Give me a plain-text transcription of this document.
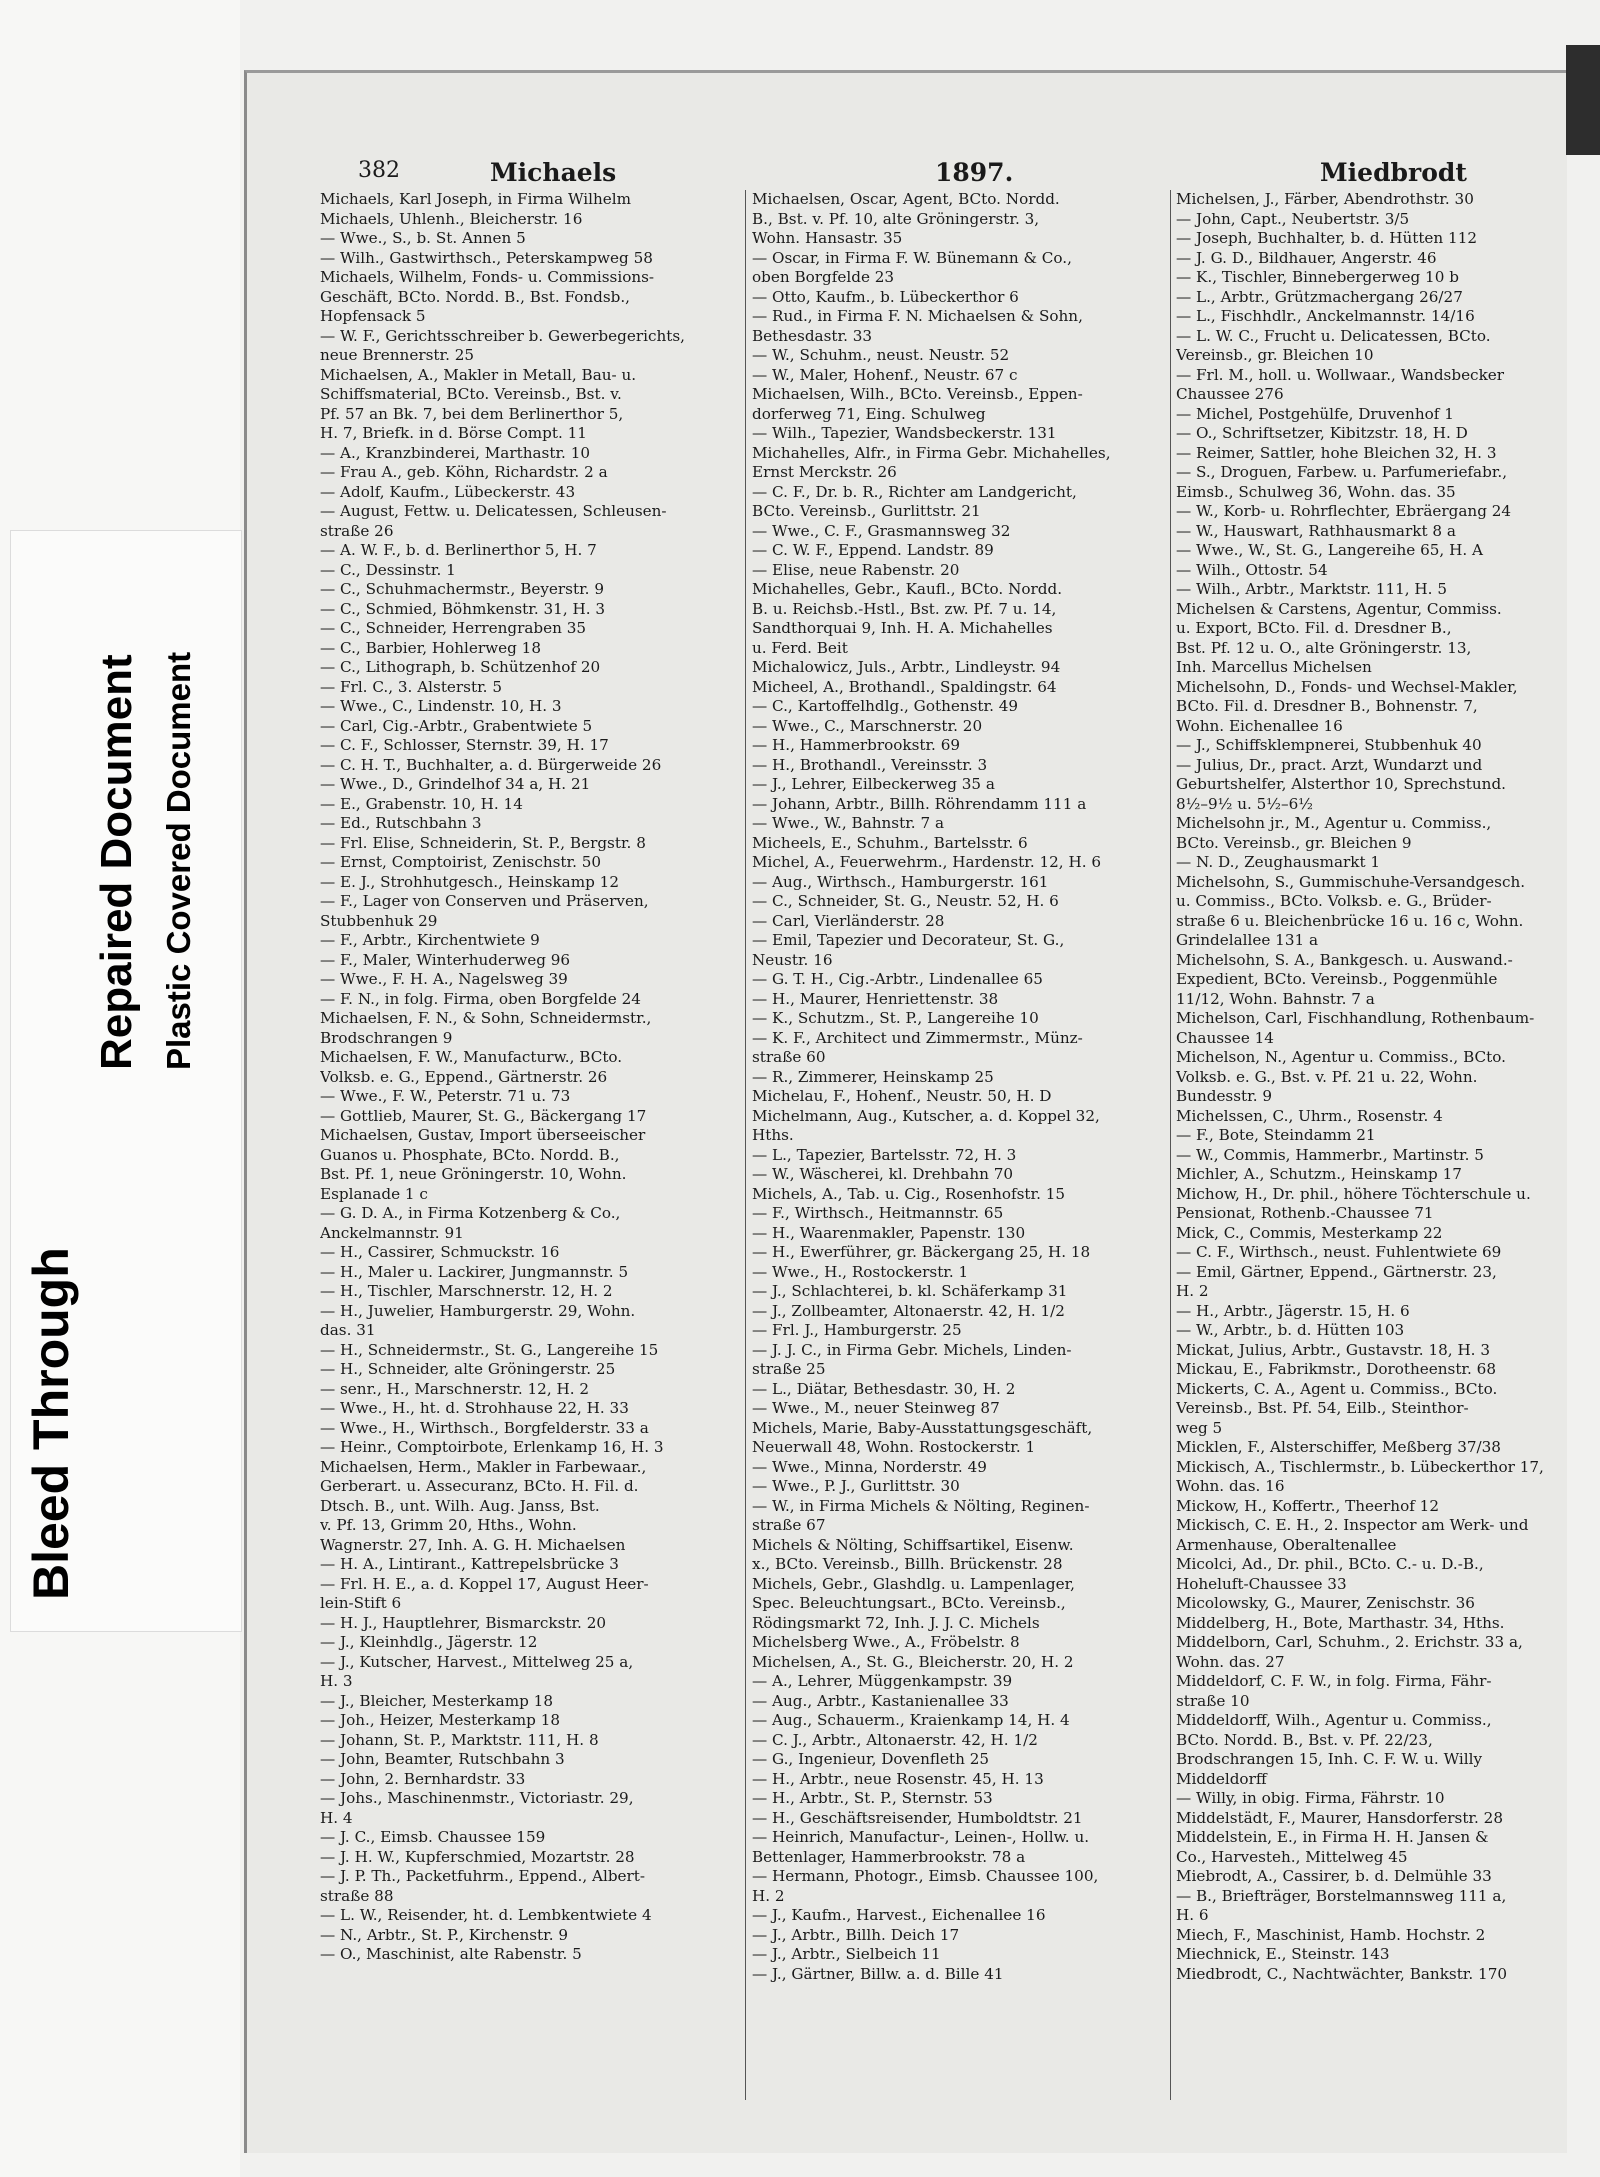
Bleed Through
Repaired Document Plastic Covered Document
382	Michaels	1897.	Miedbrodt
Michaels, Karl Joseph, in Firma Wilhelm
Michaels, Uhlenh., Bleicherstr. 16
— Wwe., S., b. St. Annen 5
— Wilh., Gastwirthsch., Peterskampweg 58
Michaels, Wilhelm, Fonds- u. Commissions-
Geschäft, BCto. Nordd. B., Bst. Fondsb.,
Hopfensack 5
— W. F., Gerichtsschreiber b. Gewerbegerichts,
neue Brennerstr. 25
Michaelsen, A., Makler in Metall, Bau- u.
Schiffsmaterial, BCto. Vereinsb., Bst. v.
Pf. 57 an Bk. 7, bei dem Berlinerthor 5,
H. 7, Briefk. in d. Börse Compt. 11
— A., Kranzbinderei, Marthastr. 10
— Frau A., geb. Köhn, Richardstr. 2 a
— Adolf, Kaufm., Lübeckerstr. 43
— August, Fettw. u. Delicatessen, Schleusen-
straße 26
— A. W. F., b. d. Berlinerthor 5, H. 7
— C., Dessinstr. 1
— C., Schuhmachermstr., Beyerstr. 9
— C., Schmied, Böhmkenstr. 31, H. 3
— C., Schneider, Herrengraben 35
— C., Barbier, Hohlerweg 18
— C., Lithograph, b. Schützenhof 20
— Frl. C., 3. Alsterstr. 5
— Wwe., C., Lindenstr. 10, H. 3
— Carl, Cig.-Arbtr., Grabentwiete 5
— C. F., Schlosser, Sternstr. 39, H. 17
— C. H. T., Buchhalter, a. d. Bürgerweide 26
— Wwe., D., Grindelhof 34 a, H. 21
— E., Grabenstr. 10, H. 14
— Ed., Rutschbahn 3
— Frl. Elise, Schneiderin, St. P., Bergstr. 8
— Ernst, Comptoirist, Zenischstr. 50
— E. J., Strohhutgesch., Heinskamp 12
— F., Lager von Conserven und Präserven,
Stubbenhuk 29
— F., Arbtr., Kirchentwiete 9
— F., Maler, Winterhuderweg 96
— Wwe., F. H. A., Nagelsweg 39
— F. N., in folg. Firma, oben Borgfelde 24
Michaelsen, F. N., & Sohn, Schneidermstr.,
Brodschrangen 9
Michaelsen, F. W., Manufacturw., BCto.
Volksb. e. G., Eppend., Gärtnerstr. 26
— Wwe., F. W., Peterstr. 71 u. 73
— Gottlieb, Maurer, St. G., Bäckergang 17
Michaelsen, Gustav, Import überseeischer
Guanos u. Phosphate, BCto. Nordd. B.,
Bst. Pf. 1, neue Gröningerstr. 10, Wohn.
Esplanade 1 c
— G. D. A., in Firma Kotzenberg & Co.,
Anckelmannstr. 91
— H., Cassirer, Schmuckstr. 16
— H., Maler u. Lackirer, Jungmannstr. 5
— H., Tischler, Marschnerstr. 12, H. 2
— H., Juwelier, Hamburgerstr. 29, Wohn.
das. 31
— H., Schneidermstr., St. G., Langereihe 15
— H., Schneider, alte Gröningerstr. 25
— senr., H., Marschnerstr. 12, H. 2
— Wwe., H., ht. d. Strohhause 22, H. 33
— Wwe., H., Wirthsch., Borgfelderstr. 33 a
— Heinr., Comptoirbote, Erlenkamp 16, H. 3
Michaelsen, Herm., Makler in Farbewaar.,
Gerberart. u. Assecuranz, BCto. H. Fil. d.
Dtsch. B., unt. Wilh. Aug. Janss, Bst.
v. Pf. 13, Grimm 20, Hths., Wohn.
Wagnerstr. 27, Inh. A. G. H. Michaelsen
— H. A., Lintirant., Kattrepelsbrücke 3
— Frl. H. E., a. d. Koppel 17, August Heer-
lein-Stift 6
— H. J., Hauptlehrer, Bismarckstr. 20
— J., Kleinhdlg., Jägerstr. 12
— J., Kutscher, Harvest., Mittelweg 25 a,
H. 3
— J., Bleicher, Mesterkamp 18
— Joh., Heizer, Mesterkamp 18
— Johann, St. P., Marktstr. 111, H. 8
— John, Beamter, Rutschbahn 3
— John, 2. Bernhardstr. 33
— Johs., Maschinenmstr., Victoriastr. 29,
H. 4
— J. C., Eimsb. Chaussee 159
— J. H. W., Kupferschmied, Mozartstr. 28
— J. P. Th., Packetfuhrm., Eppend., Albert-
straße 88
— L. W., Reisender, ht. d. Lembkentwiete 4
— N., Arbtr., St. P., Kirchenstr. 9
— O., Maschinist, alte Rabenstr. 5
Michaelsen, Oscar, Agent, BCto. Nordd.
B., Bst. v. Pf. 10, alte Gröningerstr. 3,
Wohn. Hansastr. 35
— Oscar, in Firma F. W. Bünemann & Co.,
oben Borgfelde 23
— Otto, Kaufm., b. Lübeckerthor 6
— Rud., in Firma F. N. Michaelsen & Sohn,
Bethesdastr. 33
— W., Schuhm., neust. Neustr. 52
— W., Maler, Hohenf., Neustr. 67 c
Michaelsen, Wilh., BCto. Vereinsb., Eppen-
dorferweg 71, Eing. Schulweg
— Wilh., Tapezier, Wandsbeckerstr. 131
Michahelles, Alfr., in Firma Gebr. Michahelles,
Ernst Merckstr. 26
— C. F., Dr. b. R., Richter am Landgericht,
BCto. Vereinsb., Gurlittstr. 21
— Wwe., C. F., Grasmannsweg 32
— C. W. F., Eppend. Landstr. 89
— Elise, neue Rabenstr. 20
Michahelles, Gebr., Kaufl., BCto. Nordd.
B. u. Reichsb.-Hstl., Bst. zw. Pf. 7 u. 14,
Sandthorquai 9, Inh. H. A. Michahelles
u. Ferd. Beit
Michalowicz, Juls., Arbtr., Lindleystr. 94
Micheel, A., Brothandl., Spaldingstr. 64
— C., Kartoffelhdlg., Gothenstr. 49
— Wwe., C., Marschnerstr. 20
— H., Hammerbrookstr. 69
— H., Brothandl., Vereinsstr. 3
— J., Lehrer, Eilbeckerweg 35 a
— Johann, Arbtr., Billh. Röhrendamm 111 a
— Wwe., W., Bahnstr. 7 a
Micheels, E., Schuhm., Bartelsstr. 6
Michel, A., Feuerwehrm., Hardenstr. 12, H. 6
— Aug., Wirthsch., Hamburgerstr. 161
— C., Schneider, St. G., Neustr. 52, H. 6
— Carl, Vierländerstr. 28
— Emil, Tapezier und Decorateur, St. G.,
Neustr. 16
— G. T. H., Cig.-Arbtr., Lindenallee 65
— H., Maurer, Henriettenstr. 38
— K., Schutzm., St. P., Langereihe 10
— K. F., Architect und Zimmermstr., Münz-
straße 60
— R., Zimmerer, Heinskamp 25
Michelau, F., Hohenf., Neustr. 50, H. D
Michelmann, Aug., Kutscher, a. d. Koppel 32,
Hths.
— L., Tapezier, Bartelsstr. 72, H. 3
— W., Wäscherei, kl. Drehbahn 70
Michels, A., Tab. u. Cig., Rosenhofstr. 15
— F., Wirthsch., Heitmannstr. 65
— H., Waarenmakler, Papenstr. 130
— H., Ewerführer, gr. Bäckergang 25, H. 18
— Wwe., H., Rostockerstr. 1
— J., Schlachterei, b. kl. Schäferkamp 31
— J., Zollbeamter, Altonaerstr. 42, H. 1/2
— Frl. J., Hamburgerstr. 25
— J. J. C., in Firma Gebr. Michels, Linden-
straße 25
— L., Diätar, Bethesdastr. 30, H. 2
— Wwe., M., neuer Steinweg 87
Michels, Marie, Baby-Ausstattungsgeschäft,
Neuerwall 48, Wohn. Rostockerstr. 1
— Wwe., Minna, Norderstr. 49
— Wwe., P. J., Gurlittstr. 30
— W., in Firma Michels & Nölting, Reginen-
straße 67
Michels & Nölting, Schiffsartikel, Eisenw.
x., BCto. Vereinsb., Billh. Brückenstr. 28
Michels, Gebr., Glashdlg. u. Lampenlager,
Spec. Beleuchtungsart., BCto. Vereinsb.,
Rödingsmarkt 72, Inh. J. J. C. Michels
Michelsberg Wwe., A., Fröbelstr. 8
Michelsen, A., St. G., Bleicherstr. 20, H. 2
— A., Lehrer, Müggenkampstr. 39
— Aug., Arbtr., Kastanienallee 33
— Aug., Schauerm., Kraienkamp 14, H. 4
— C. J., Arbtr., Altonaerstr. 42, H. 1/2
— G., Ingenieur, Dovenfleth 25
— H., Arbtr., neue Rosenstr. 45, H. 13
— H., Arbtr., St. P., Sternstr. 53
— H., Geschäftsreisender, Humboldtstr. 21
— Heinrich, Manufactur-, Leinen-, Hollw. u.
Bettenlager, Hammerbrookstr. 78 a
— Hermann, Photogr., Eimsb. Chaussee 100,
H. 2
— J., Kaufm., Harvest., Eichenallee 16
— J., Arbtr., Billh. Deich 17
— J., Arbtr., Sielbeich 11
— J., Gärtner, Billw. a. d. Bille 41
Michelsen, J., Färber, Abendrothstr. 30
— John, Capt., Neubertstr. 3/5
— Joseph, Buchhalter, b. d. Hütten 112
— J. G. D., Bildhauer, Angerstr. 46
— K., Tischler, Binnebergerweg 10 b
— L., Arbtr., Grützmachergang 26/27
— L., Fischhdlr., Anckelmannstr. 14/16
— L. W. C., Frucht u. Delicatessen, BCto.
Vereinsb., gr. Bleichen 10
— Frl. M., holl. u. Wollwaar., Wandsbecker
Chaussee 276
— Michel, Postgehülfe, Druvenhof 1
— O., Schriftsetzer, Kibitzstr. 18, H. D
— Reimer, Sattler, hohe Bleichen 32, H. 3
— S., Droguen, Farbew. u. Parfumeriefabr.,
Eimsb., Schulweg 36, Wohn. das. 35
— W., Korb- u. Rohrflechter, Ebräergang 24
— W., Hauswart, Rathhausmarkt 8 a
— Wwe., W., St. G., Langereihe 65, H. A
— Wilh., Ottostr. 54
— Wilh., Arbtr., Marktstr. 111, H. 5
Michelsen & Carstens, Agentur, Commiss.
u. Export, BCto. Fil. d. Dresdner B.,
Bst. Pf. 12 u. O., alte Gröningerstr. 13,
Inh. Marcellus Michelsen
Michelsohn, D., Fonds- und Wechsel-Makler,
BCto. Fil. d. Dresdner B., Bohnenstr. 7,
Wohn. Eichenallee 16
— J., Schiffsklempnerei, Stubbenhuk 40
— Julius, Dr., pract. Arzt, Wundarzt und
Geburtshelfer, Alsterthor 10, Sprechstund.
8½–9½ u. 5½–6½
Michelsohn jr., M., Agentur u. Commiss.,
BCto. Vereinsb., gr. Bleichen 9
— N. D., Zeughausmarkt 1
Michelsohn, S., Gummischuhe-Versandgesch.
u. Commiss., BCto. Volksb. e. G., Brüder-
straße 6 u. Bleichenbrücke 16 u. 16 c, Wohn.
Grindelallee 131 a
Michelsohn, S. A., Bankgesch. u. Auswand.-
Expedient, BCto. Vereinsb., Poggenmühle
11/12, Wohn. Bahnstr. 7 a
Michelson, Carl, Fischhandlung, Rothenbaum-
Chaussee 14
Michelson, N., Agentur u. Commiss., BCto.
Volksb. e. G., Bst. v. Pf. 21 u. 22, Wohn.
Bundesstr. 9
Michelssen, C., Uhrm., Rosenstr. 4
— F., Bote, Steindamm 21
— W., Commis, Hammerbr., Martinstr. 5
Michler, A., Schutzm., Heinskamp 17
Michow, H., Dr. phil., höhere Töchterschule u.
Pensionat, Rothenb.-Chaussee 71
Mick, C., Commis, Mesterkamp 22
— C. F., Wirthsch., neust. Fuhlentwiete 69
— Emil, Gärtner, Eppend., Gärtnerstr. 23,
H. 2
— H., Arbtr., Jägerstr. 15, H. 6
— W., Arbtr., b. d. Hütten 103
Mickat, Julius, Arbtr., Gustavstr. 18, H. 3
Mickau, E., Fabrikmstr., Dorotheenstr. 68
Mickerts, C. A., Agent u. Commiss., BCto.
Vereinsb., Bst. Pf. 54, Eilb., Steinthor-
weg 5
Micklen, F., Alsterschiffer, Meßberg 37/38
Mickisch, A., Tischlermstr., b. Lübeckerthor 17,
Wohn. das. 16
Mickow, H., Koffertr., Theerhof 12
Mickisch, C. E. H., 2. Inspector am Werk- und
Armenhause, Oberaltenallee
Micolci, Ad., Dr. phil., BCto. C.- u. D.-B.,
Hoheluft-Chaussee 33
Micolowsky, G., Maurer, Zenischstr. 36
Middelberg, H., Bote, Marthastr. 34, Hths.
Middelborn, Carl, Schuhm., 2. Erichstr. 33 a,
Wohn. das. 27
Middeldorf, C. F. W., in folg. Firma, Fähr-
straße 10
Middeldorff, Wilh., Agentur u. Commiss.,
BCto. Nordd. B., Bst. v. Pf. 22/23,
Brodschrangen 15, Inh. C. F. W. u. Willy
Middeldorff
— Willy, in obig. Firma, Fährstr. 10
Middelstädt, F., Maurer, Hansdorferstr. 28
Middelstein, E., in Firma H. H. Jansen &
Co., Harvesteh., Mittelweg 45
Miebrodt, A., Cassirer, b. d. Delmühle 33
— B., Briefträger, Borstelmannsweg 111 a,
H. 6
Miech, F., Maschinist, Hamb. Hochstr. 2
Miechnick, E., Steinstr. 143
Miedbrodt, C., Nachtwächter, Bankstr. 170
